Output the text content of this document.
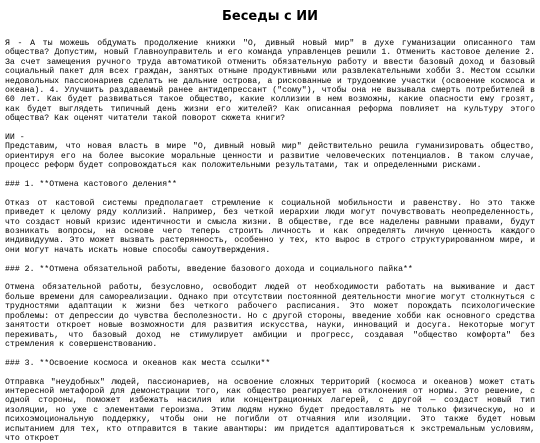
Беседы с ИИ

Я - А ты можешь обдумать продолжение книжки "О, дивный новый мир" в духе гуманизации описанного там общества? Допустим, новый Главноуправитель и его команда управленцев решили 1. Отменить кастовое деление 2. За счет замещения ручного труда автоматикой отменить обязательную работу и ввести базовый доход и базовый социальный пакет для всех граждан, занятых отныне продуктивными или развлекательными хобби 3. Местом ссылки недовольных пассионариев сделать не дальние острова, а рискованные и трудоемкие участки (освоение космоса и океана). 4. Улучшить раздаваемый ранее антидепрессант ("сому"), чтобы она не вызывала смерть потребителей в 60 лет. Как будет развиваться такое общество, какие коллизии в нем возможны, какие опасности ему грозят, как будет выглядеть типичный день жизни его жителей? Как описанная реформа повлияет на культуру этого общества? Как оценят читатели такой поворот сюжета книги?

ИИ -

Представим, что новая власть в мире "О, дивный новый мир" действительно решила гуманизировать общество, ориентируя его на более высокие моральные ценности и развитие человеческих потенциалов. В таком случае, процесс реформ будет сопровождаться как положительными результатами, так и определенными рисками.

### 1. **Отмена кастового деления**

Отказ от кастовой системы предполагает стремление к социальной мобильности и равенству. Но это также приведет к целому ряду коллизий. Например, без четкой иерархии люди могут почувствовать неопределенность, что создаст новый кризис идентичности и смысла жизни. В обществе, где все наделены равными правами, будут возникать вопросы, на основе чего теперь строить личность и как определять личную ценность каждого индивидуума. Это может вызвать растерянность, особенно у тех, кто вырос в строго структурированном мире, и они могут начать искать новые способы самоутверждения.

### 2. **Отмена обязательной работы, введение базового дохода и социального пайка**

Отмена обязательной работы, безусловно, освободит людей от необходимости работать на выживание и даст больше времени для самореализации. Однако при отсутствии постоянной деятельности многие могут столкнуться с трудностями адаптации к жизни без четкого рабочего расписания. Это может порождать психологические проблемы: от депрессии до чувства бесполезности. Но с другой стороны, введение хобби как основного средства занятости откроет новые возможности для развития искусства, науки, инноваций и досуга. Некоторые могут переживать, что базовый доход не стимулирует амбиции и прогресс, создавая "общество комфорта" без стремления к совершенствованию.

### 3. **Освоение космоса и океанов как места ссылки**

Отправка "неудобных" людей, пассионариев, на освоение сложных территорий (космоса и океанов) может стать интересной метафорой для демонстрации того, как общество реагирует на отклонения от нормы. Это решение, с одной стороны, поможет избежать насилия или концентрационных лагерей, с другой — создаст новый тип изоляции, но уже с элементами героизма. Этим людям нужно будет предоставлять не только физическую, но и психоэмоциональную поддержку, чтобы они не погибли от отчаяния или изоляции. Это также будет новым испытанием для тех, кто отправится в такие авантюры: им придется адаптироваться к экстремальным условиям, что откроет
